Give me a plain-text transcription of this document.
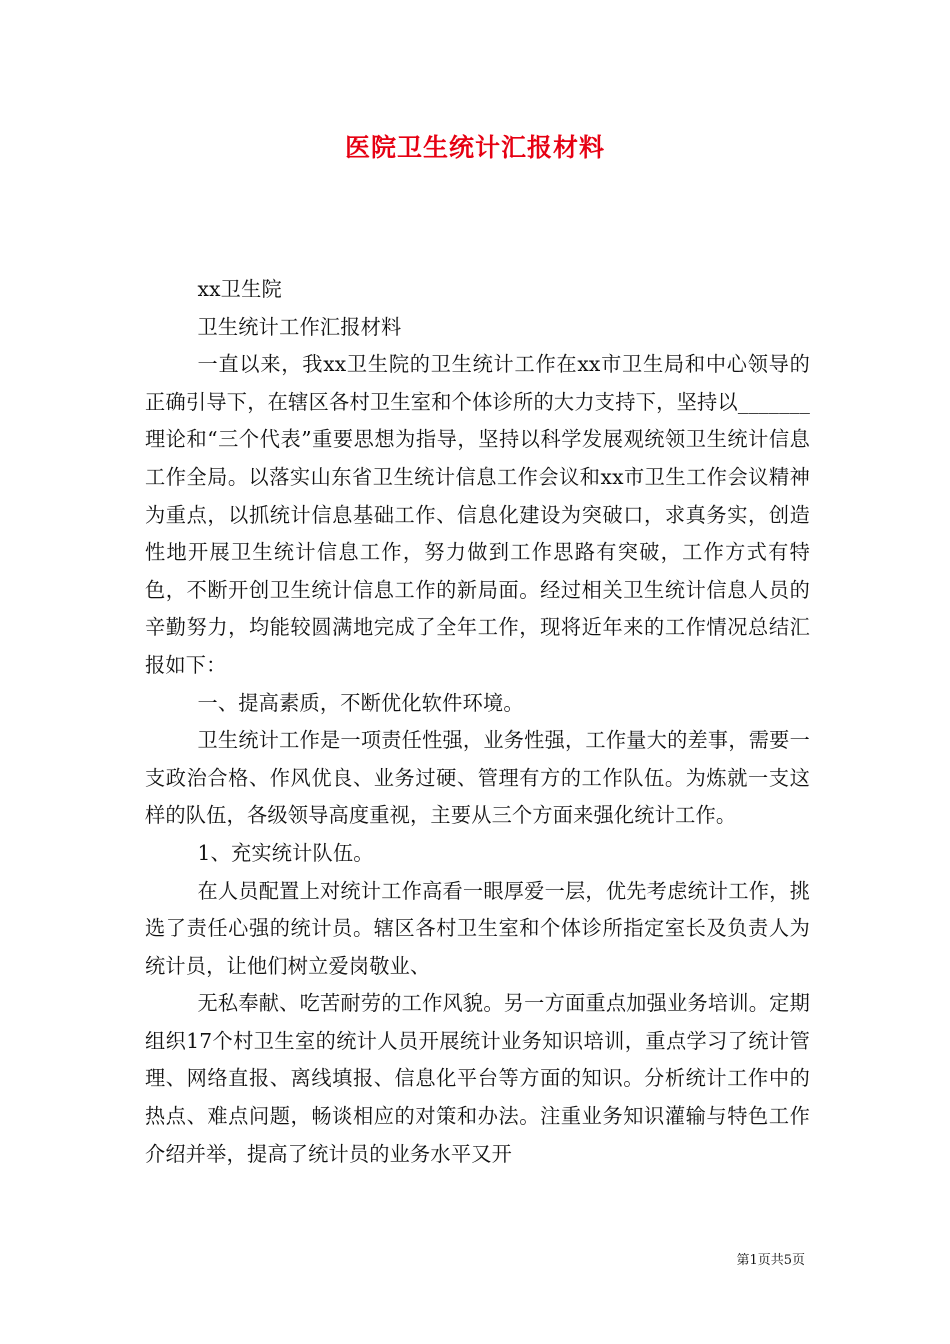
医院卫生统计汇报材料

xx卫生院

卫生统计工作汇报材料

一直以来，我xx卫生院的卫生统计工作在xx市卫生局和中心领导的正确引导下，在辖区各村卫生室和个体诊所的大力支持下，坚持以_______理论和“三个代表”重要思想为指导，坚持以科学发展观统领卫生统计信息工作全局。以落实山东省卫生统计信息工作会议和xx市卫生工作会议精神为重点，以抓统计信息基础工作、信息化建设为突破口，求真务实，创造性地开展卫生统计信息工作，努力做到工作思路有突破，工作方式有特色，不断开创卫生统计信息工作的新局面。经过相关卫生统计信息人员的辛勤努力，均能较圆满地完成了全年工作，现将近年来的工作情况总结汇报如下：

一、提高素质，不断优化软件环境。

卫生统计工作是一项责任性强，业务性强，工作量大的差事，需要一支政治合格、作风优良、业务过硬、管理有方的工作队伍。为炼就一支这样的队伍，各级领导高度重视，主要从三个方面来强化统计工作。

1、充实统计队伍。

在人员配置上对统计工作高看一眼厚爱一层，优先考虑统计工作，挑选了责任心强的统计员。辖区各村卫生室和个体诊所指定室长及负责人为统计员，让他们树立爱岗敬业、

无私奉献、吃苦耐劳的工作风貌。另一方面重点加强业务培训。定期组织17个村卫生室的统计人员开展统计业务知识培训，重点学习了统计管理、网络直报、离线填报、信息化平台等方面的知识。分析统计工作中的热点、难点问题，畅谈相应的对策和办法。注重业务知识灌输与特色工作介绍并举，提高了统计员的业务水平又开

第1页共5页
